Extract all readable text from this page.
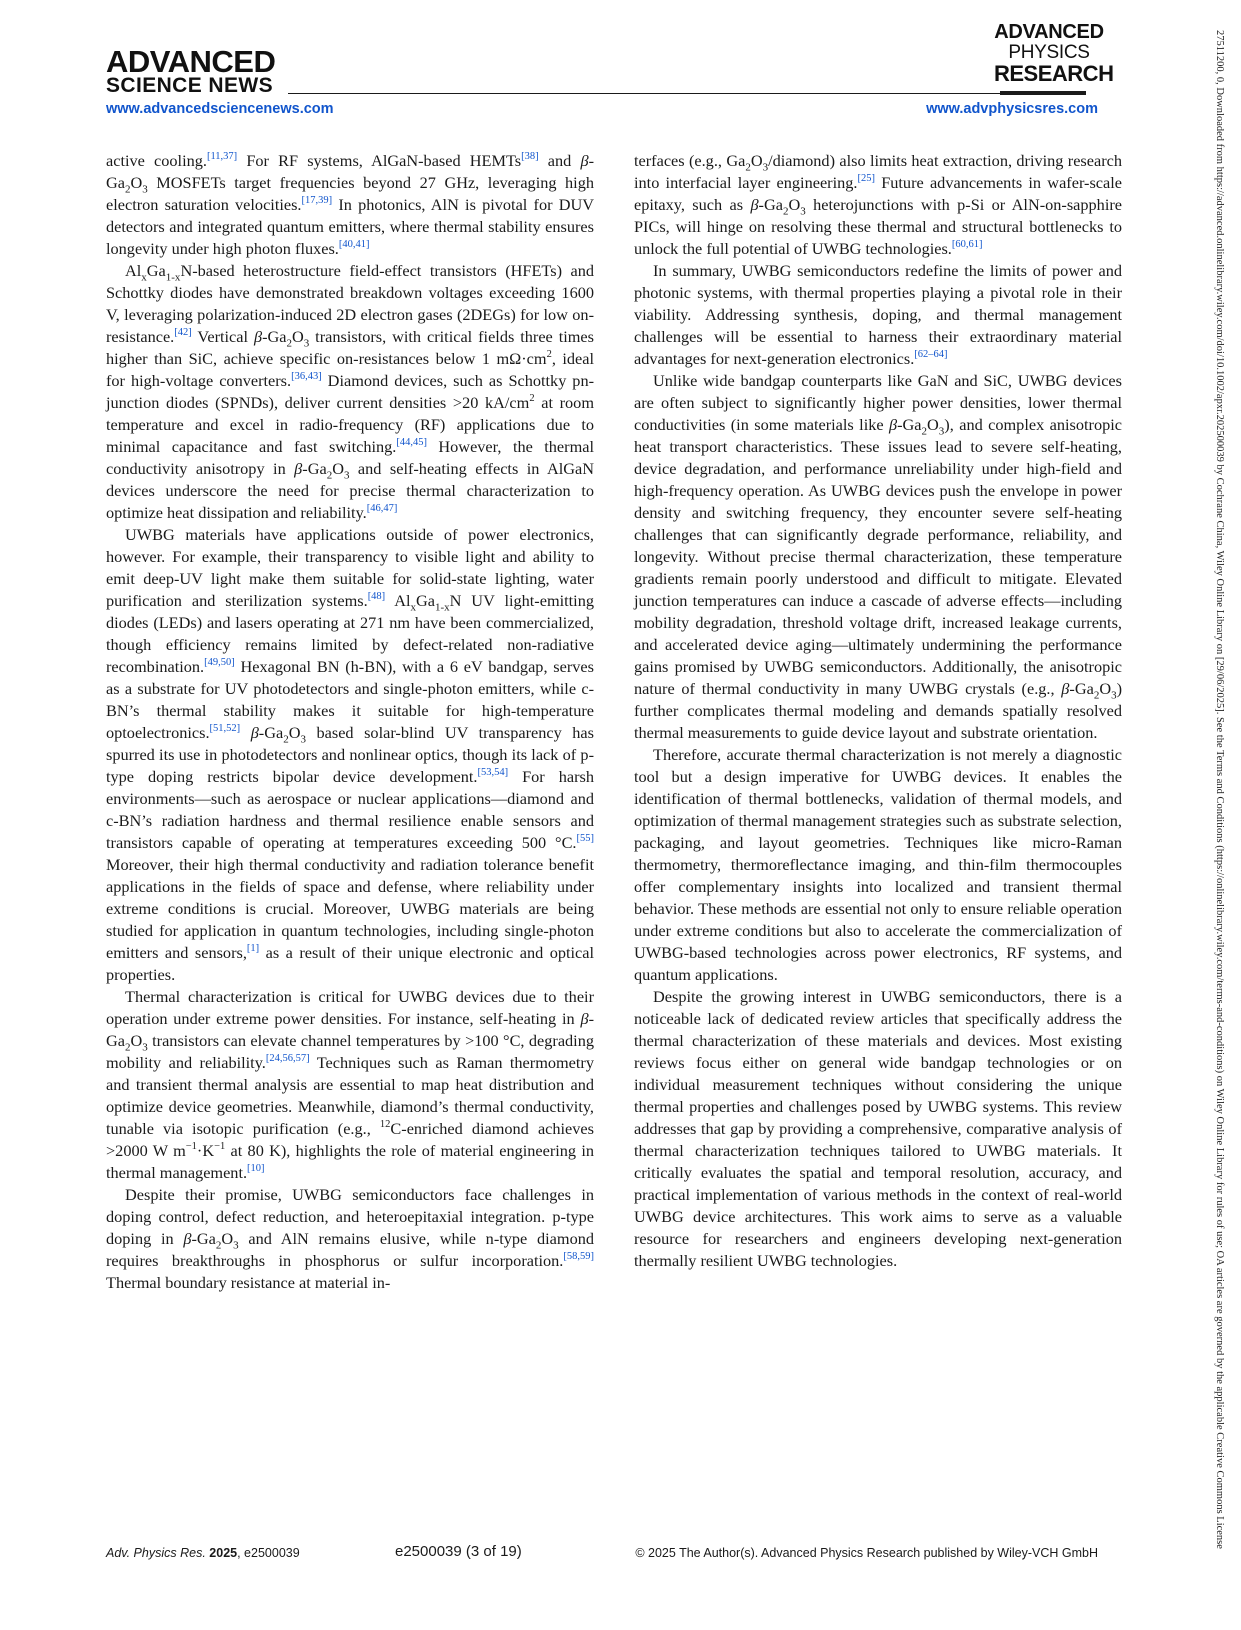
ADVANCED
SCIENCE NEWS
ADVANCED
PHYSICS
RESEARCH
www.advancedsciencenews.com	www.advphysicsres.com

active cooling.[11,37] For RF systems, AlGaN-based HEMTs[38] and $\beta-Ga_2O_3$ MOSFETs target frequencies beyond 27 GHz, leveraging high electron saturation velocities.[17,39] In photonics, AlN is pivotal for DUV detectors and integrated quantum emitters, where thermal stability ensures longevity under high photon fluxes.[40,41]

$Al_xGa_{1-x}N$-based heterostructure field-effect transistors (HFETs) and Schottky diodes have demonstrated breakdown voltages exceeding 1600 V, leveraging polarization-induced 2D electron gases (2DEGs) for low on-resistance.[42] Vertical $\beta-Ga_2O_3$ transistors, with critical fields three times higher than SiC, achieve specific on-resistances below 1 $m\Omega\cdot cm^2$, ideal for high-voltage converters.[36,43] Diamond devices, such as Schottky pn-junction diodes (SPNDs), deliver current densities >20 $kA/cm^2$ at room temperature and excel in radio-frequency (RF) applications due to minimal capacitance and fast switching.[44,45] However, the thermal conductivity anisotropy in $\beta-Ga_2O_3$ and self-heating effects in AlGaN devices underscore the need for precise thermal characterization to optimize heat dissipation and reliability.[46,47]

UWBG materials have applications outside of power electronics, however. For example, their transparency to visible light and ability to emit deep-UV light make them suitable for solid-state lighting, water purification and sterilization systems.[48] $Al_xGa_{1-x}N$ UV light-emitting diodes (LEDs) and lasers operating at 271 nm have been commercialized, though efficiency remains limited by defect-related non-radiative recombination.[49,50] Hexagonal BN (h-BN), with a 6 eV bandgap, serves as a substrate for UV photodetectors and single-photon emitters, while c-BN’s thermal stability makes it suitable for high-temperature optoelectronics.[51,52] $\beta-Ga_2O_3$ based solar-blind UV transparency has spurred its use in photodetectors and nonlinear optics, though its lack of p-type doping restricts bipolar device development.[53,54] For harsh environments—such as aerospace or nuclear applications—diamond and c-BN’s radiation hardness and thermal resilience enable sensors and transistors capable of operating at temperatures exceeding 500 °C.[55] Moreover, their high thermal conductivity and radiation tolerance benefit applications in the fields of space and defense, where reliability under extreme conditions is crucial. Moreover, UWBG materials are being studied for application in quantum technologies, including single-photon emitters and sensors,[1] as a result of their unique electronic and optical properties.

Thermal characterization is critical for UWBG devices due to their operation under extreme power densities. For instance, self-heating in $\beta-Ga_2O_3$ transistors can elevate channel temperatures by >100 °C, degrading mobility and reliability.[24,56,57] Techniques such as Raman thermometry and transient thermal analysis are essential to map heat distribution and optimize device geometries. Meanwhile, diamond’s thermal conductivity, tunable via isotopic purification (e.g., $^{12}$C-enriched diamond achieves >2000 W $m^{-1}\cdot K^{-1}$ at 80 K), highlights the role of material engineering in thermal management.[10]

Despite their promise, UWBG semiconductors face challenges in doping control, defect reduction, and heteroepitaxial integration. p-type doping in $\beta-Ga_2O_3$ and AlN remains elusive, while n-type diamond requires breakthroughs in phosphorus or sulfur incorporation.[58,59] Thermal boundary resistance at material in-

terfaces (e.g., $Ga_2O_3/diamond$) also limits heat extraction, driving research into interfacial layer engineering.[25] Future advancements in wafer-scale epitaxy, such as $\beta-Ga_2O_3$ heterojunctions with p-Si or AlN-on-sapphire PICs, will hinge on resolving these thermal and structural bottlenecks to unlock the full potential of UWBG technologies.[60,61]

In summary, UWBG semiconductors redefine the limits of power and photonic systems, with thermal properties playing a pivotal role in their viability. Addressing synthesis, doping, and thermal management challenges will be essential to harness their extraordinary material advantages for next-generation electronics.[62–64]

Unlike wide bandgap counterparts like GaN and SiC, UWBG devices are often subject to significantly higher power densities, lower thermal conductivities (in some materials like $\beta-Ga_2O_3$), and complex anisotropic heat transport characteristics. These issues lead to severe self-heating, device degradation, and performance unreliability under high-field and high-frequency operation. As UWBG devices push the envelope in power density and switching frequency, they encounter severe self-heating challenges that can significantly degrade performance, reliability, and longevity. Without precise thermal characterization, these temperature gradients remain poorly understood and difficult to mitigate. Elevated junction temperatures can induce a cascade of adverse effects—including mobility degradation, threshold voltage drift, increased leakage currents, and accelerated device aging—ultimately undermining the performance gains promised by UWBG semiconductors. Additionally, the anisotropic nature of thermal conductivity in many UWBG crystals (e.g., $\beta-Ga_2O_3$) further complicates thermal modeling and demands spatially resolved thermal measurements to guide device layout and substrate orientation.

Therefore, accurate thermal characterization is not merely a diagnostic tool but a design imperative for UWBG devices. It enables the identification of thermal bottlenecks, validation of thermal models, and optimization of thermal management strategies such as substrate selection, packaging, and layout geometries. Techniques like micro-Raman thermometry, thermoreflectance imaging, and thin-film thermocouples offer complementary insights into localized and transient thermal behavior. These methods are essential not only to ensure reliable operation under extreme conditions but also to accelerate the commercialization of UWBG-based technologies across power electronics, RF systems, and quantum applications.

Despite the growing interest in UWBG semiconductors, there is a noticeable lack of dedicated review articles that specifically address the thermal characterization of these materials and devices. Most existing reviews focus either on general wide bandgap technologies or on individual measurement techniques without considering the unique thermal properties and challenges posed by UWBG systems. This review addresses that gap by providing a comprehensive, comparative analysis of thermal characterization techniques tailored to UWBG materials. It critically evaluates the spatial and temporal resolution, accuracy, and practical implementation of various methods in the context of real-world UWBG device architectures. This work aims to serve as a valuable resource for researchers and engineers developing next-generation thermally resilient UWBG technologies.

Adv. Physics Res. 2025, e2500039	e2500039 (3 of 19)	© 2025 The Author(s). Advanced Physics Research published by Wiley-VCH GmbH
27511200, 0, Downloaded from https://advanced.onlinelibrary.wiley.com/doi/10.1002/apxr.202500039 by Cochrane China, Wiley Online Library on [29/06/2025]. See the Terms and Conditions (https://onlinelibrary.wiley.com/terms-and-conditions) on Wiley Online Library for rules of use; OA articles are governed by the applicable Creative Commons License
